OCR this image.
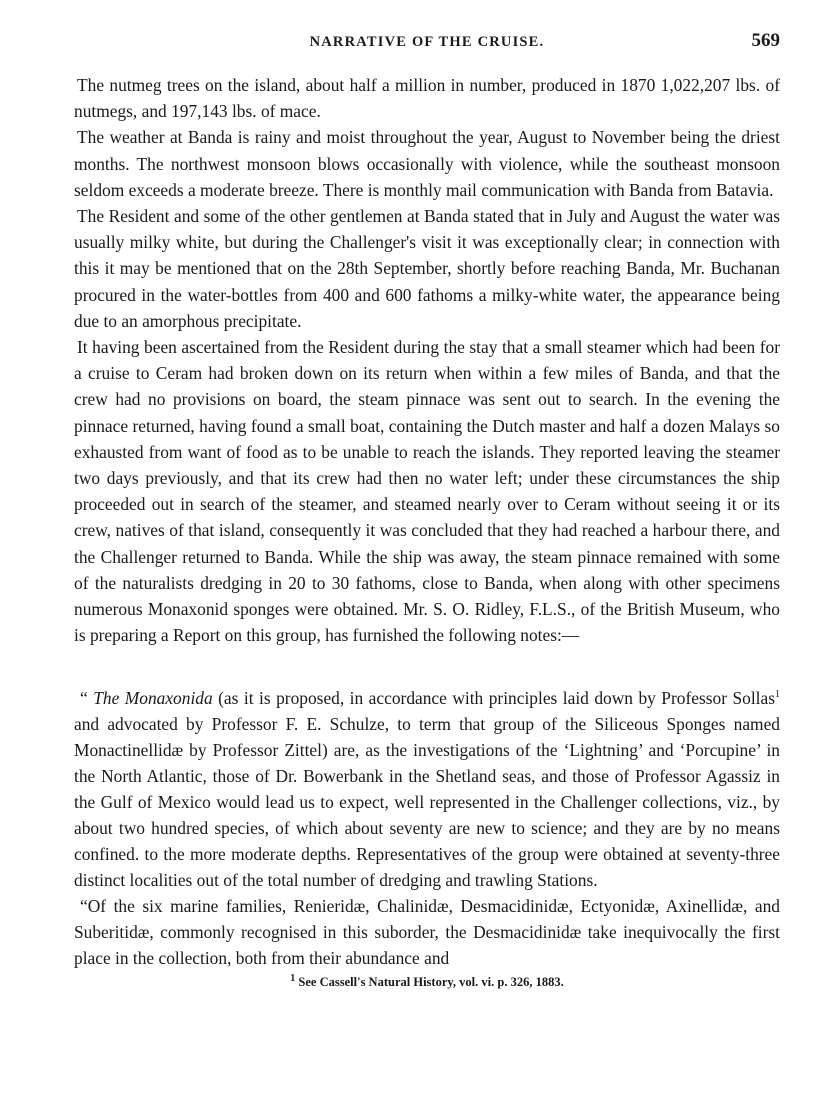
NARRATIVE OF THE CRUISE.	569

The nutmeg trees on the island, about half a million in number, produced in 1870 1,022,207 lbs. of nutmegs, and 197,143 lbs. of mace.

The weather at Banda is rainy and moist throughout the year, August to November being the driest months. The northwest monsoon blows occasionally with violence, while the southeast monsoon seldom exceeds a moderate breeze. There is monthly mail communication with Banda from Batavia.

The Resident and some of the other gentlemen at Banda stated that in July and August the water was usually milky white, but during the Challenger's visit it was exceptionally clear; in connection with this it may be mentioned that on the 28th September, shortly before reaching Banda, Mr. Buchanan procured in the water-bottles from 400 and 600 fathoms a milky-white water, the appearance being due to an amorphous precipitate.

It having been ascertained from the Resident during the stay that a small steamer which had been for a cruise to Ceram had broken down on its return when within a few miles of Banda, and that the crew had no provisions on board, the steam pinnace was sent out to search. In the evening the pinnace returned, having found a small boat, containing the Dutch master and half a dozen Malays so exhausted from want of food as to be unable to reach the islands. They reported leaving the steamer two days previously, and that its crew had then no water left; under these circumstances the ship proceeded out in search of the steamer, and steamed nearly over to Ceram without seeing it or its crew, natives of that island, consequently it was concluded that they had reached a harbour there, and the Challenger returned to Banda. While the ship was away, the steam pinnace remained with some of the naturalists dredging in 20 to 30 fathoms, close to Banda, when along with other specimens numerous Monaxonid sponges were obtained. Mr. S. O. Ridley, F.L.S., of the British Museum, who is preparing a Report on this group, has furnished the following notes:—

“ The Monaxonida (as it is proposed, in accordance with principles laid down by Professor Sollas$^1$ and advocated by Professor F. E. Schulze, to term that group of the Siliceous Sponges named Monactinellidæ by Professor Zittel) are, as the investigations of the ‘Lightning’ and ‘Porcupine’ in the North Atlantic, those of Dr. Bowerbank in the Shetland seas, and those of Professor Agassiz in the Gulf of Mexico would lead us to expect, well represented in the Challenger collections, viz., by about two hundred species, of which about seventy are new to science; and they are by no means confined. to the more moderate depths. Representatives of the group were obtained at seventy-three distinct localities out of the total number of dredging and trawling Stations.

“Of the six marine families, Renieridæ, Chalinidæ, Desmacidinidæ, Ectyonidæ, Axinellidæ, and Suberitidæ, commonly recognised in this suborder, the Desmacidinidæ take inequivocally the first place in the collection, both from their abundance and

$^1$ See Cassell's Natural History, vol. vi. p. 326, 1883.
